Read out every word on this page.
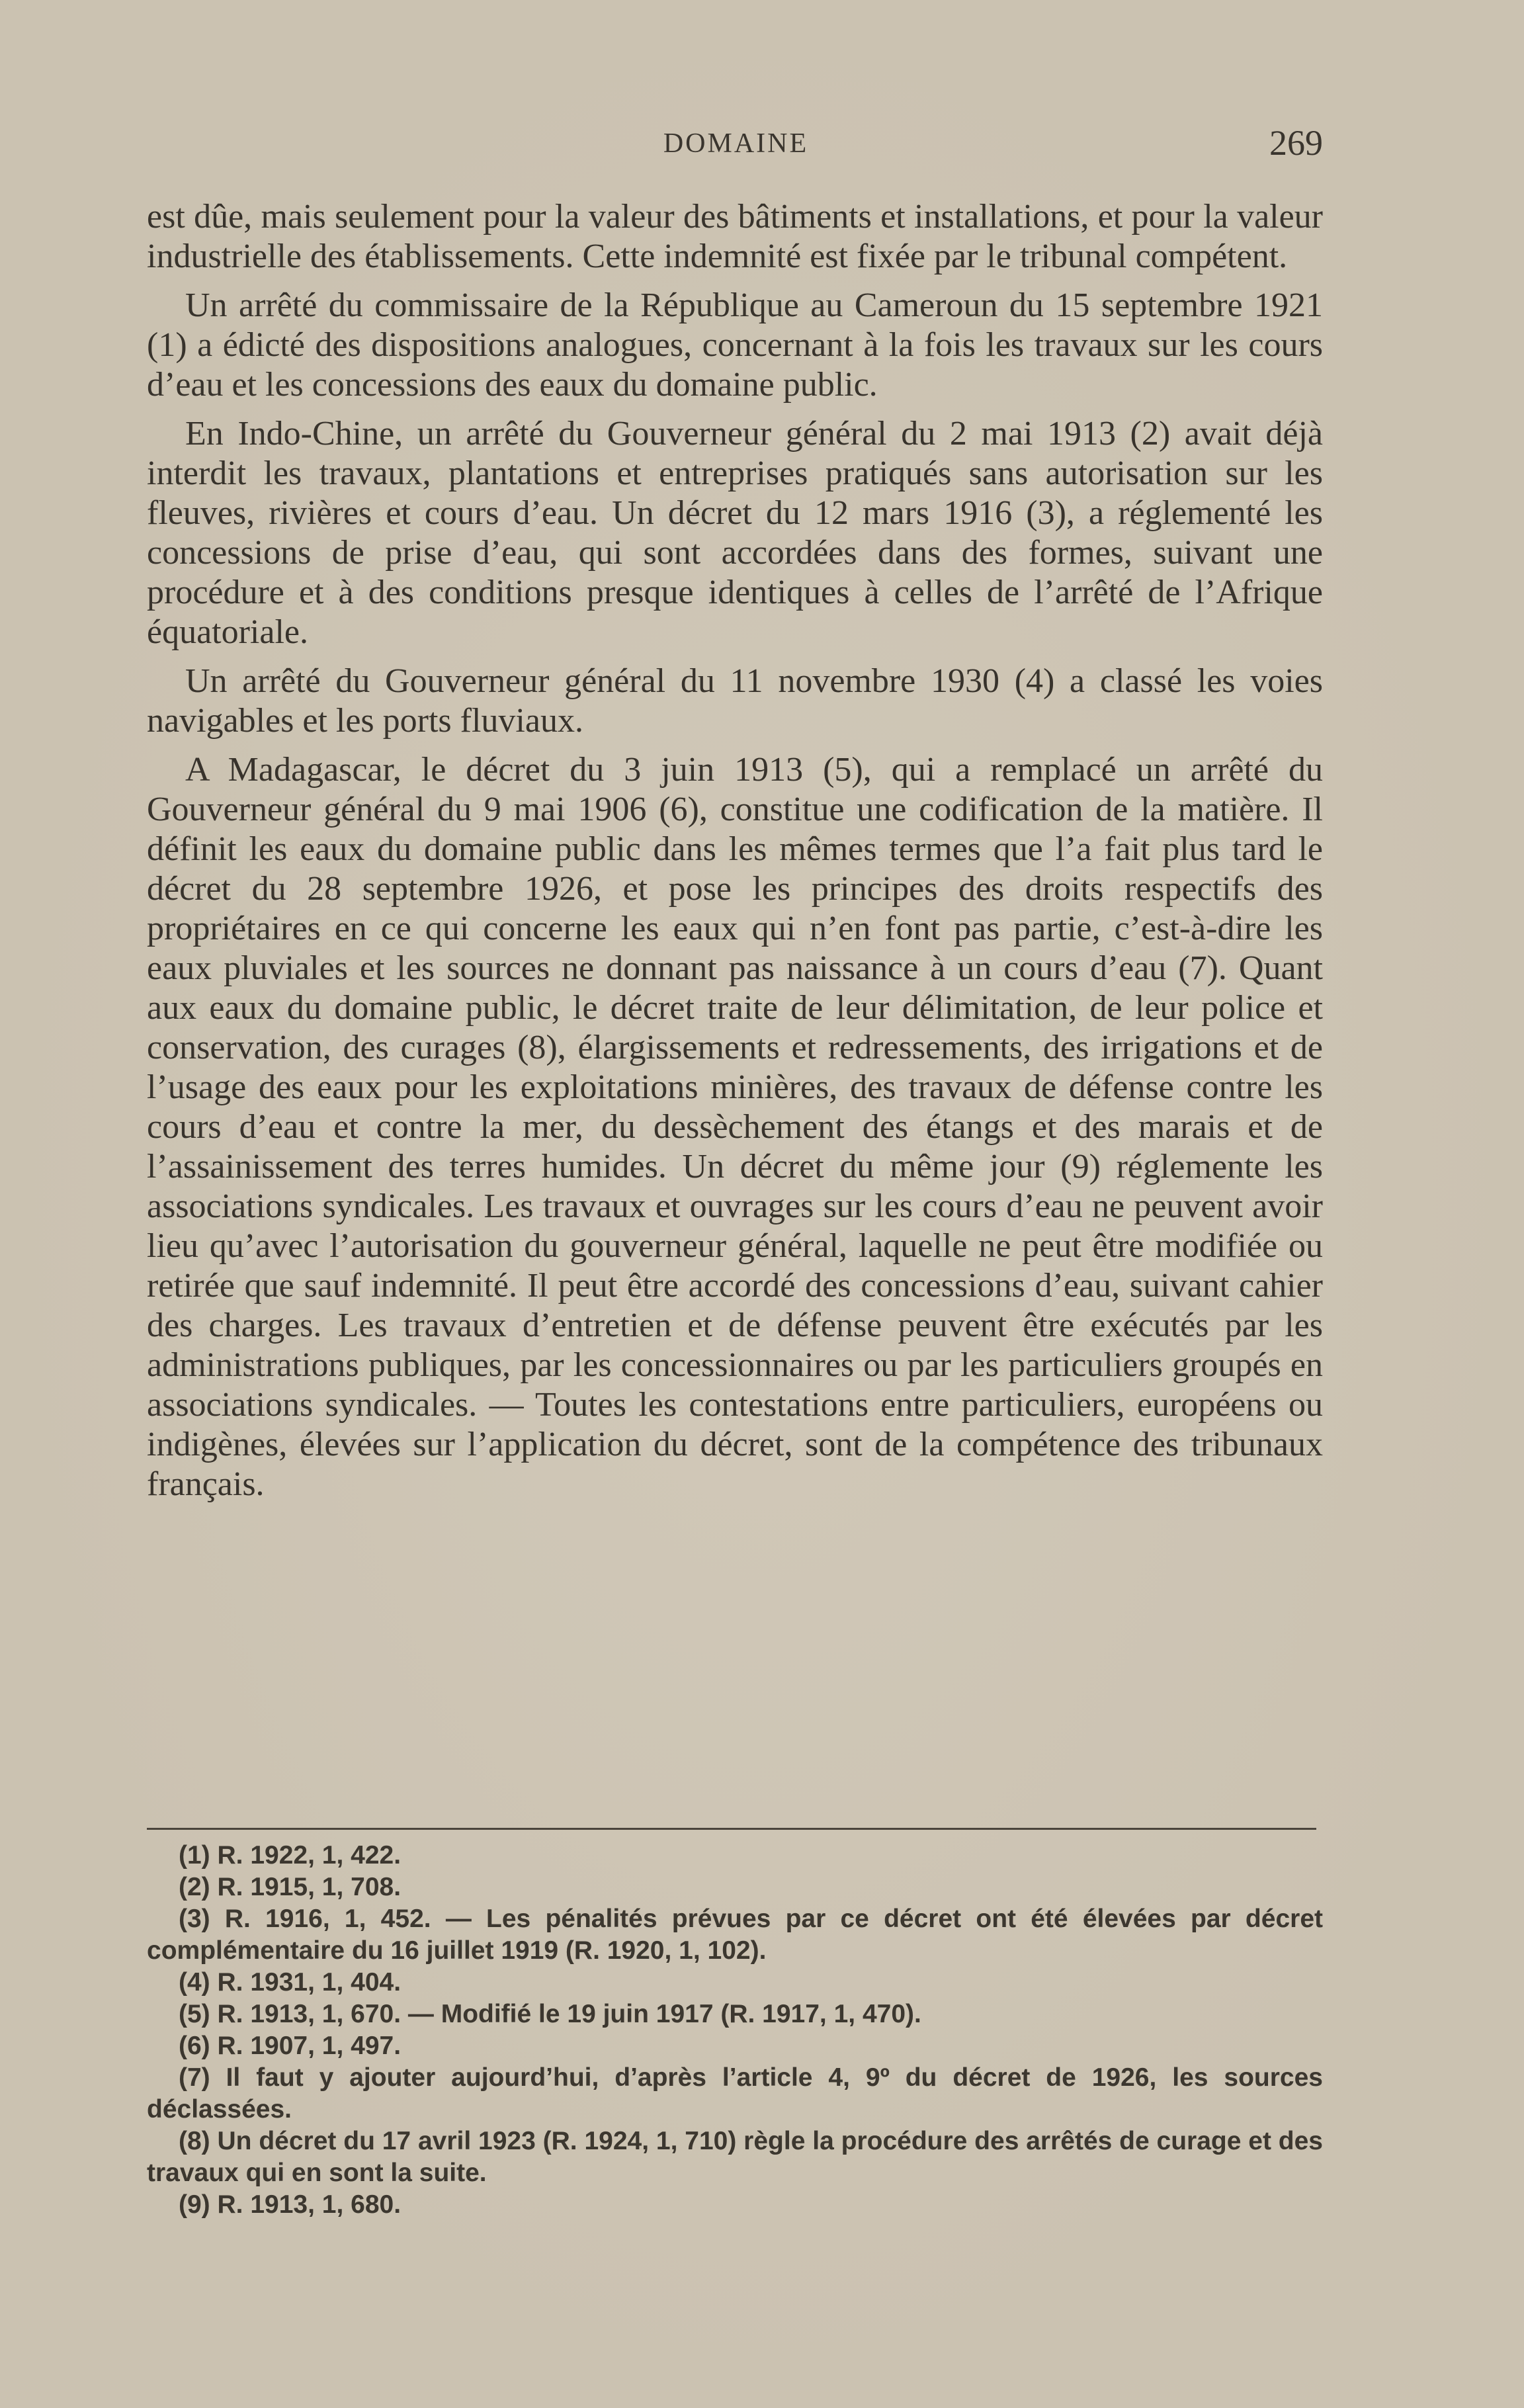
DOMAINE	269

est dûe, mais seulement pour la valeur des bâtiments et installations, et pour la valeur industrielle des établissements. Cette indemnité est fixée par le tribunal compétent.

Un arrêté du commissaire de la République au Cameroun du 15 septembre 1921 (1) a édicté des dispositions analogues, concernant à la fois les travaux sur les cours d’eau et les concessions des eaux du domaine public.

En Indo-Chine, un arrêté du Gouverneur général du 2 mai 1913 (2) avait déjà interdit les travaux, plantations et entreprises pratiqués sans autorisation sur les fleuves, rivières et cours d’eau. Un décret du 12 mars 1916 (3), a réglementé les concessions de prise d’eau, qui sont accordées dans des formes, suivant une procédure et à des conditions presque identiques à celles de l’arrêté de l’Afrique équatoriale.

Un arrêté du Gouverneur général du 11 novembre 1930 (4) a classé les voies navigables et les ports fluviaux.

A Madagascar, le décret du 3 juin 1913 (5), qui a remplacé un arrêté du Gouverneur général du 9 mai 1906 (6), constitue une codification de la matière. Il définit les eaux du domaine public dans les mêmes termes que l’a fait plus tard le décret du 28 septembre 1926, et pose les principes des droits respectifs des propriétaires en ce qui concerne les eaux qui n’en font pas partie, c’est-à-dire les eaux pluviales et les sources ne donnant pas naissance à un cours d’eau (7). Quant aux eaux du domaine public, le décret traite de leur délimitation, de leur police et conservation, des curages (8), élargissements et redressements, des irrigations et de l’usage des eaux pour les exploitations minières, des travaux de défense contre les cours d’eau et contre la mer, du dessèchement des étangs et des marais et de l’assainissement des terres humides. Un décret du même jour (9) réglemente les associations syndicales. Les travaux et ouvrages sur les cours d’eau ne peuvent avoir lieu qu’avec l’autorisation du gouverneur général, laquelle ne peut être modifiée ou retirée que sauf indemnité. Il peut être accordé des concessions d’eau, suivant cahier des charges. Les travaux d’entretien et de défense peuvent être exécutés par les administrations publiques, par les concessionnaires ou par les particuliers groupés en associations syndicales. — Toutes les contestations entre particuliers, européens ou indigènes, élevées sur l’application du décret, sont de la compétence des tribunaux français.

(1) R. 1922, 1, 422.

(2) R. 1915, 1, 708.

(3) R. 1916, 1, 452. — Les pénalités prévues par ce décret ont été élevées par décret complémentaire du 16 juillet 1919 (R. 1920, 1, 102).

(4) R. 1931, 1, 404.

(5) R. 1913, 1, 670. — Modifié le 19 juin 1917 (R. 1917, 1, 470).

(6) R. 1907, 1, 497.

(7) Il faut y ajouter aujourd’hui, d’après l’article 4, 9º du décret de 1926, les sources déclassées.

(8) Un décret du 17 avril 1923 (R. 1924, 1, 710) règle la procédure des arrêtés de curage et des travaux qui en sont la suite.

(9) R. 1913, 1, 680.
